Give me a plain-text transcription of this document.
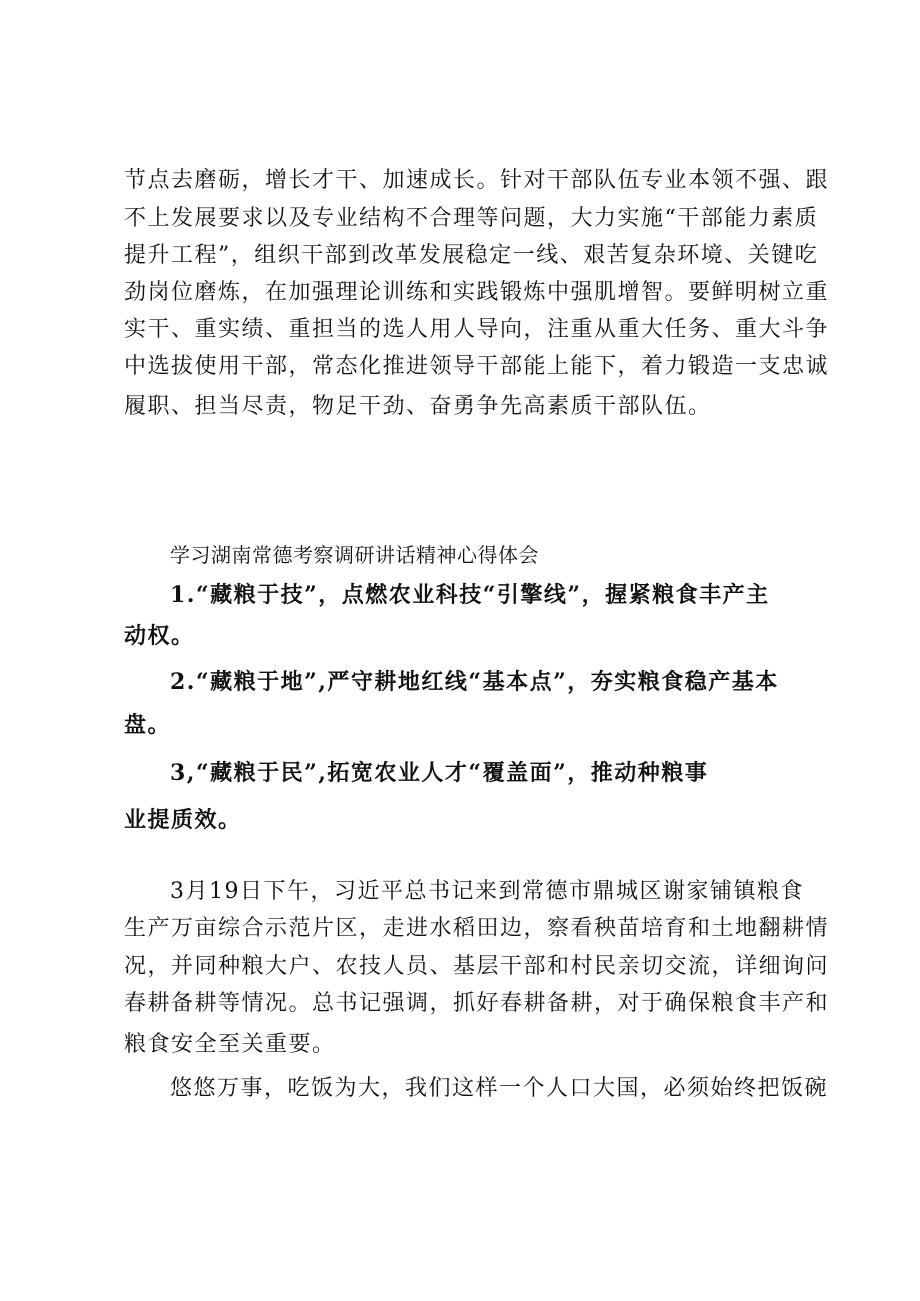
节点去磨砺，增长才干、加速成长。针对干部队伍专业本领不强、跟
不上发展要求以及专业结构不合理等问题，大力实施“干部能力素质
提升工程”，组织干部到改革发展稳定一线、艰苦复杂环境、关键吃
劲岗位磨炼，在加强理论训练和实践锻炼中强肌增智。要鲜明树立重
实干、重实绩、重担当的选人用人导向，注重从重大任务、重大斗争
中选拔使用干部，常态化推进领导干部能上能下，着力锻造一支忠诚
履职、担当尽责，物足干劲、奋勇争先高素质干部队伍。
学习湖南常德考察调研讲话精神心得体会
1.“藏粮于技”，点燃农业科技“引擎线”，握紧粮食丰产主
动权。
2.“藏粮于地”,严守耕地红线“基本点”，夯实粮食稳产基本
盘。
3,“藏粮于民”,拓宽农业人才“覆盖面”，推动种粮事
业提质效。
3月19日下午，习近平总书记来到常德市鼎城区谢家铺镇粮食
生产万亩综合示范片区，走进水稻田边，察看秧苗培育和土地翻耕情
况，并同种粮大户、农技人员、基层干部和村民亲切交流，详细询问
春耕备耕等情况。总书记强调，抓好春耕备耕，对于确保粮食丰产和
粮食安全至关重要。
悠悠万事，吃饭为大，我们这样一个人口大国，必须始终把饭碗
